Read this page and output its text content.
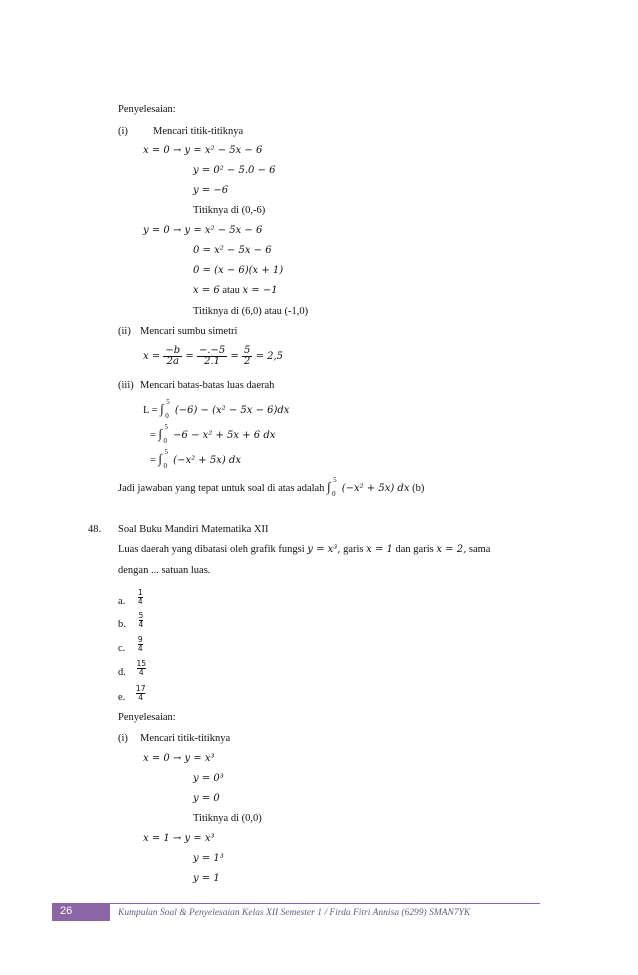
Penyelesaian:
(i) Mencari titik-titiknya
x = 0 → y = x² − 5x − 6
y = 0² − 5.0 − 6
y = −6
Titiknya di (0,-6)
y = 0 → y = x² − 5x − 6
0 = x² − 5x − 6
0 = (x − 6)(x + 1)
x = 6 atau x = −1
Titiknya di (6,0) atau (-1,0)
(ii) Mencari sumbu simetri
$x = \frac{-b}{2a} = \frac{-.-5}{2.1} = \frac{5}{2} = 2,5$
(iii) Mencari batas-batas luas daerah
L = ∫ 5
0 (−6) − (x² − 5x − 6)dx
= ∫ 5
0 −6 − x² + 5x + 6 dx
= ∫ 5
0 (−x² + 5x) dx
Jadi jawaban yang tepat untuk soal di atas adalah ∫ 5
0 (−x² + 5x) dx (b)
48. Soal Buku Mandiri Matematika XII
Luas daerah yang dibatasi oleh grafik fungsi y = x³, garis x = 1 dan garis x = 2, sama
dengan ... satuan luas.
a. $\frac{1}{4}$
b. $\frac{5}{4}$
c. $\frac{9}{4}$
d. $\frac{15}{4}$
e. $\frac{17}{4}$
Penyelesaian:
(i) Mencari titik-titiknya
x = 0 → y = x³
y = 0³
y = 0
Titiknya di (0,0)
x = 1 → y = x³
y = 1³
y = 1
26	Kumpulan Soal & Penyelesaian Kelas XII Semester 1 / Firda Fitri Annisa (6299) SMAN7YK
